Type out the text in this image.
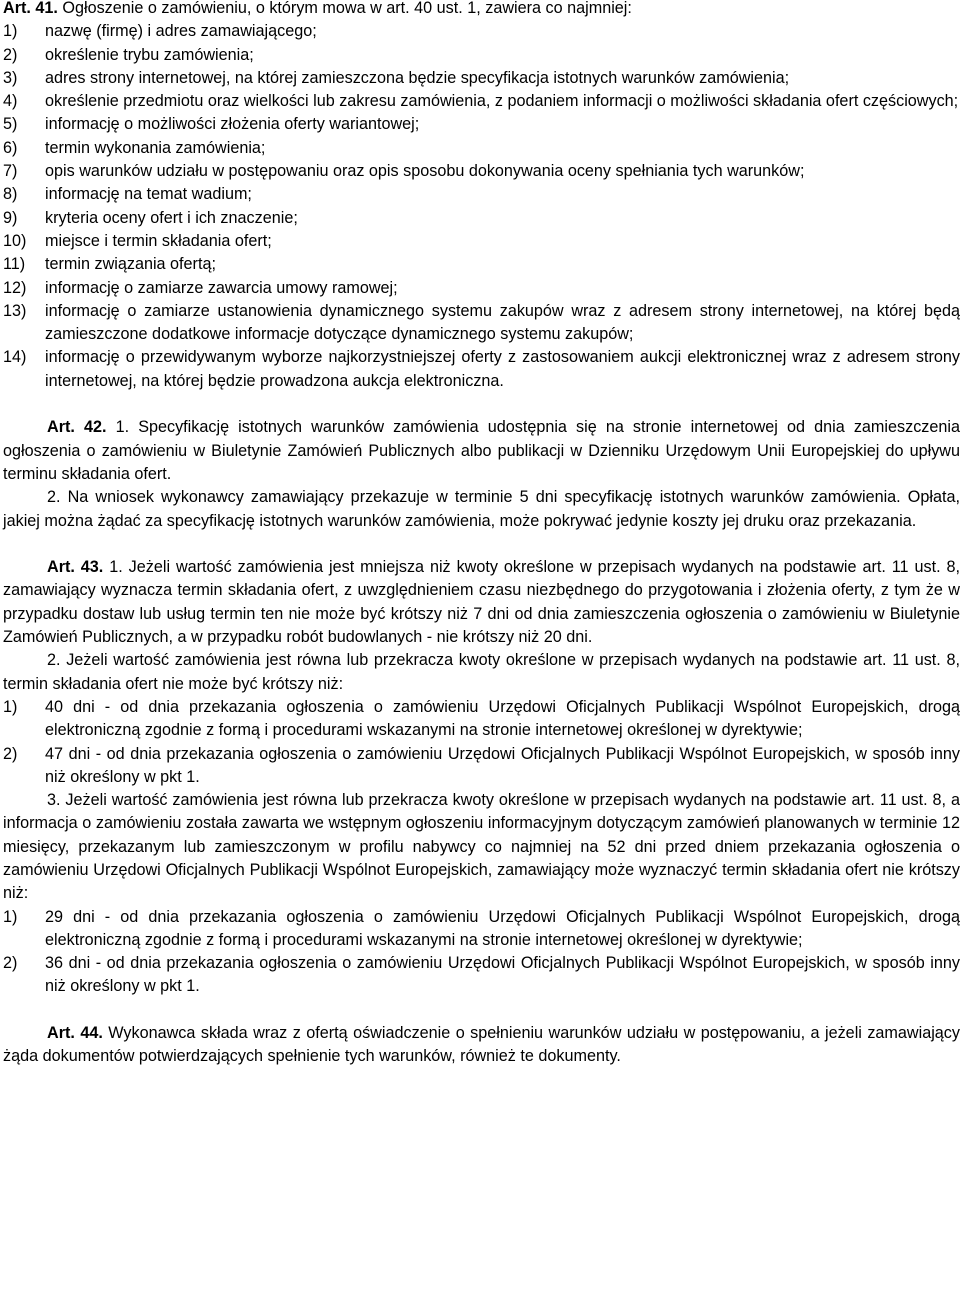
Art. 41. Ogłoszenie o zamówieniu, o którym mowa w art. 40 ust. 1, zawiera co najmniej:

1)	nazwę (firmę) i adres zamawiającego;
2)	określenie trybu zamówienia;
3)	adres strony internetowej, na której zamieszczona będzie specyfikacja istotnych warunków zamówienia;
4)	określenie przedmiotu oraz wielkości lub zakresu zamówienia, z podaniem informacji o możliwości składania ofert częściowych;
5)	informację o możliwości złożenia oferty wariantowej;
6)	termin wykonania zamówienia;
7)	opis warunków udziału w postępowaniu oraz opis sposobu dokonywania oceny spełniania tych warunków;
8)	informację na temat wadium;
9)	kryteria oceny ofert i ich znaczenie;
10)	miejsce i termin składania ofert;
11)	termin związania ofertą;
12)	informację o zamiarze zawarcia umowy ramowej;
13)	informację o zamiarze ustanowienia dynamicznego systemu zakupów wraz z adresem strony internetowej, na której będą zamieszczone dodatkowe informacje dotyczące dynamicznego systemu zakupów;
14)	informację o przewidywanym wyborze najkorzystniejszej oferty z zastosowaniem aukcji elektronicznej wraz z adresem strony internetowej, na której będzie prowadzona aukcja elektroniczna.

Art. 42. 1. Specyfikację istotnych warunków zamówienia udostępnia się na stronie internetowej od dnia zamieszczenia ogłoszenia o zamówieniu w Biuletynie Zamówień Publicznych albo publikacji w Dzienniku Urzędowym Unii Europejskiej do upływu terminu składania ofert.

2. Na wniosek wykonawcy zamawiający przekazuje w terminie 5 dni specyfikację istotnych warunków zamówienia. Opłata, jakiej można żądać za specyfikację istotnych warunków zamówienia, może pokrywać jedynie koszty jej druku oraz przekazania.

Art. 43. 1. Jeżeli wartość zamówienia jest mniejsza niż kwoty określone w przepisach wydanych na podstawie art. 11 ust. 8, zamawiający wyznacza termin składania ofert, z uwzględnieniem czasu niezbędnego do przygotowania i złożenia oferty, z tym że w przypadku dostaw lub usług termin ten nie może być krótszy niż 7 dni od dnia zamieszczenia ogłoszenia o zamówieniu w Biuletynie Zamówień Publicznych, a w przypadku robót budowlanych - nie krótszy niż 20 dni.

2. Jeżeli wartość zamówienia jest równa lub przekracza kwoty określone w przepisach wydanych na podstawie art. 11 ust. 8, termin składania ofert nie może być krótszy niż:

1)	40 dni - od dnia przekazania ogłoszenia o zamówieniu Urzędowi Oficjalnych Publikacji Wspólnot Europejskich, drogą elektroniczną zgodnie z formą i procedurami wskazanymi na stronie internetowej określonej w dyrektywie;
2)	47 dni - od dnia przekazania ogłoszenia o zamówieniu Urzędowi Oficjalnych Publikacji Wspólnot Europejskich, w sposób inny niż określony w pkt 1.

3. Jeżeli wartość zamówienia jest równa lub przekracza kwoty określone w przepisach wydanych na podstawie art. 11 ust. 8, a informacja o zamówieniu została zawarta we wstępnym ogłoszeniu informacyjnym dotyczącym zamówień planowanych w terminie 12 miesięcy, przekazanym lub zamieszczonym w profilu nabywcy co najmniej na 52 dni przed dniem przekazania ogłoszenia o zamówieniu Urzędowi Oficjalnych Publikacji Wspólnot Europejskich, zamawiający może wyznaczyć termin składania ofert nie krótszy niż:

1)	29 dni - od dnia przekazania ogłoszenia o zamówieniu Urzędowi Oficjalnych Publikacji Wspólnot Europejskich, drogą elektroniczną zgodnie z formą i procedurami wskazanymi na stronie internetowej określonej w dyrektywie;
2)	36 dni - od dnia przekazania ogłoszenia o zamówieniu Urzędowi Oficjalnych Publikacji Wspólnot Europejskich, w sposób inny niż określony w pkt 1.

Art. 44. Wykonawca składa wraz z ofertą oświadczenie o spełnieniu warunków udziału w postępowaniu, a jeżeli zamawiający żąda dokumentów potwierdzających spełnienie tych warunków, również te dokumenty.
